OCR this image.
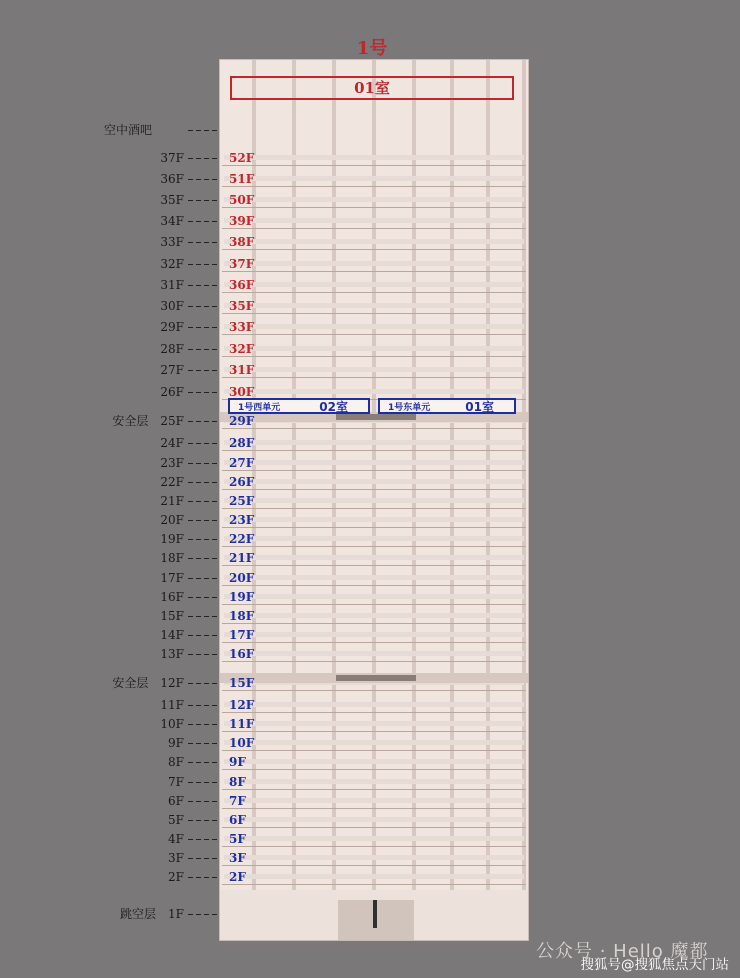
1号
01室
1号西单元	02室	1号东单元	01室
空中酒吧
37F	52F
36F	51F
35F	50F
34F	39F
33F	38F
32F	37F
31F	36F
30F	35F
29F	33F
28F	32F
27F	31F
26F	30F
安全层 25F	29F
24F	28F
23F	27F
22F	26F
21F	25F
20F	23F
19F	22F
18F	21F
17F	20F
16F	19F
15F	18F
14F	17F
13F	16F
安全层 12F	15F
11F	12F
10F	11F
9F	10F
8F	9F
7F	8F
6F	7F
5F	6F
4F	5F
3F	3F
2F	2F
跳空层 1F
公众号 · Hello 魔都
搜狐号@搜狐焦点天门站
